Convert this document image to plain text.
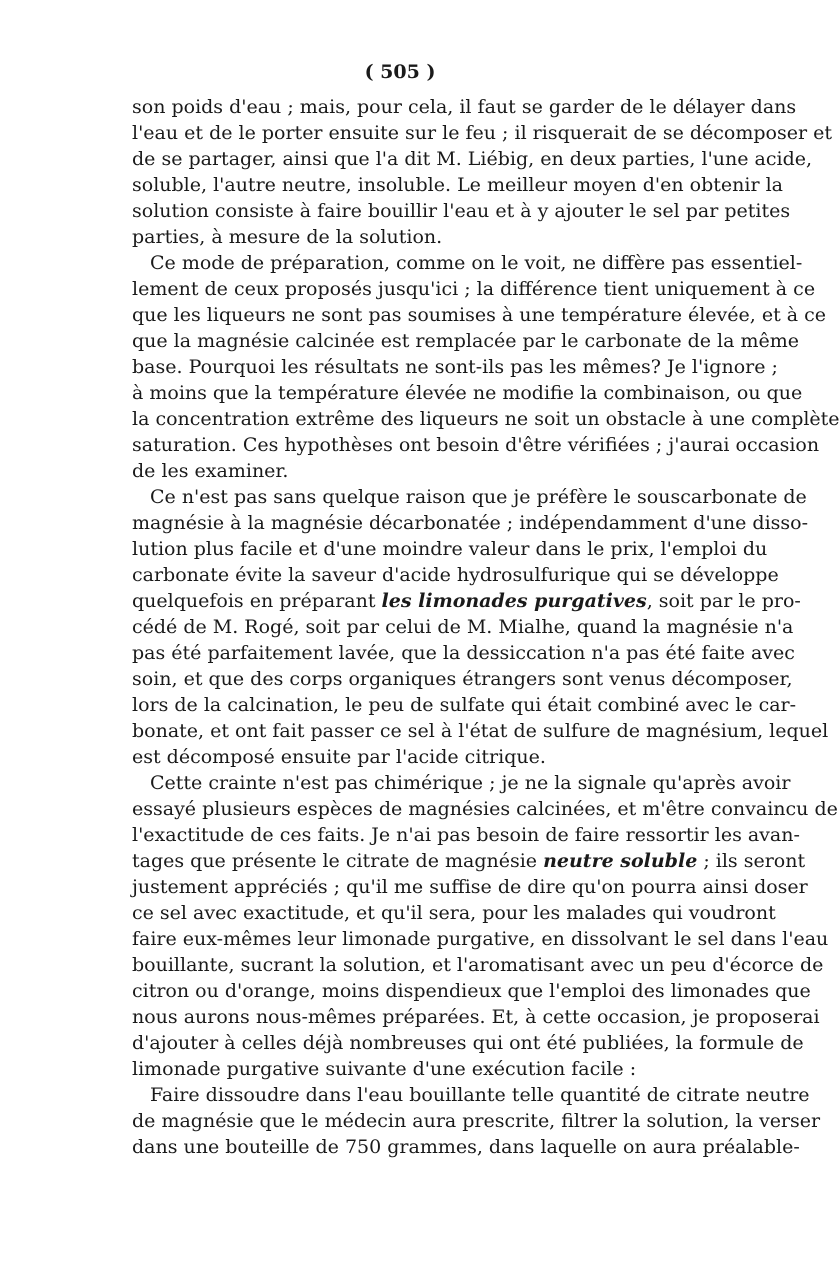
( 505 )
son poids d'eau ; mais, pour cela, il faut se garder de le délayer dans
l'eau et de le porter ensuite sur le feu ; il risquerait de se décomposer et
de se partager, ainsi que l'a dit M. Liébig, en deux parties, l'une acide,
soluble, l'autre neutre, insoluble. Le meilleur moyen d'en obtenir la
solution consiste à faire bouillir l'eau et à y ajouter le sel par petites
parties, à mesure de la solution.
Ce mode de préparation, comme on le voit, ne diffère pas essentiel-
lement de ceux proposés jusqu'ici ; la différence tient uniquement à ce
que les liqueurs ne sont pas soumises à une température élevée, et à ce
que la magnésie calcinée est remplacée par le carbonate de la même
base. Pourquoi les résultats ne sont-ils pas les mêmes? Je l'ignore ;
à moins que la température élevée ne modifie la combinaison, ou que
la concentration extrême des liqueurs ne soit un obstacle à une complète
saturation. Ces hypothèses ont besoin d'être vérifiées ; j'aurai occasion
de les examiner.
Ce n'est pas sans quelque raison que je préfère le souscarbonate de
magnésie à la magnésie décarbonatée ; indépendamment d'une disso-
lution plus facile et d'une moindre valeur dans le prix, l'emploi du
carbonate évite la saveur d'acide hydrosulfurique qui se développe
quelquefois en préparant les limonades purgatives, soit par le pro-
cédé de M. Rogé, soit par celui de M. Mialhe, quand la magnésie n'a
pas été parfaitement lavée, que la dessiccation n'a pas été faite avec
soin, et que des corps organiques étrangers sont venus décomposer,
lors de la calcination, le peu de sulfate qui était combiné avec le car-
bonate, et ont fait passer ce sel à l'état de sulfure de magnésium, lequel
est décomposé ensuite par l'acide citrique.
Cette crainte n'est pas chimérique ; je ne la signale qu'après avoir
essayé plusieurs espèces de magnésies calcinées, et m'être convaincu de
l'exactitude de ces faits. Je n'ai pas besoin de faire ressortir les avan-
tages que présente le citrate de magnésie neutre soluble ; ils seront
justement appréciés ; qu'il me suffise de dire qu'on pourra ainsi doser
ce sel avec exactitude, et qu'il sera, pour les malades qui voudront
faire eux-mêmes leur limonade purgative, en dissolvant le sel dans l'eau
bouillante, sucrant la solution, et l'aromatisant avec un peu d'écorce de
citron ou d'orange, moins dispendieux que l'emploi des limonades que
nous aurons nous-mêmes préparées. Et, à cette occasion, je proposerai
d'ajouter à celles déjà nombreuses qui ont été publiées, la formule de
limonade purgative suivante d'une exécution facile :
Faire dissoudre dans l'eau bouillante telle quantité de citrate neutre
de magnésie que le médecin aura prescrite, filtrer la solution, la verser
dans une bouteille de 750 grammes, dans laquelle on aura préalable-
